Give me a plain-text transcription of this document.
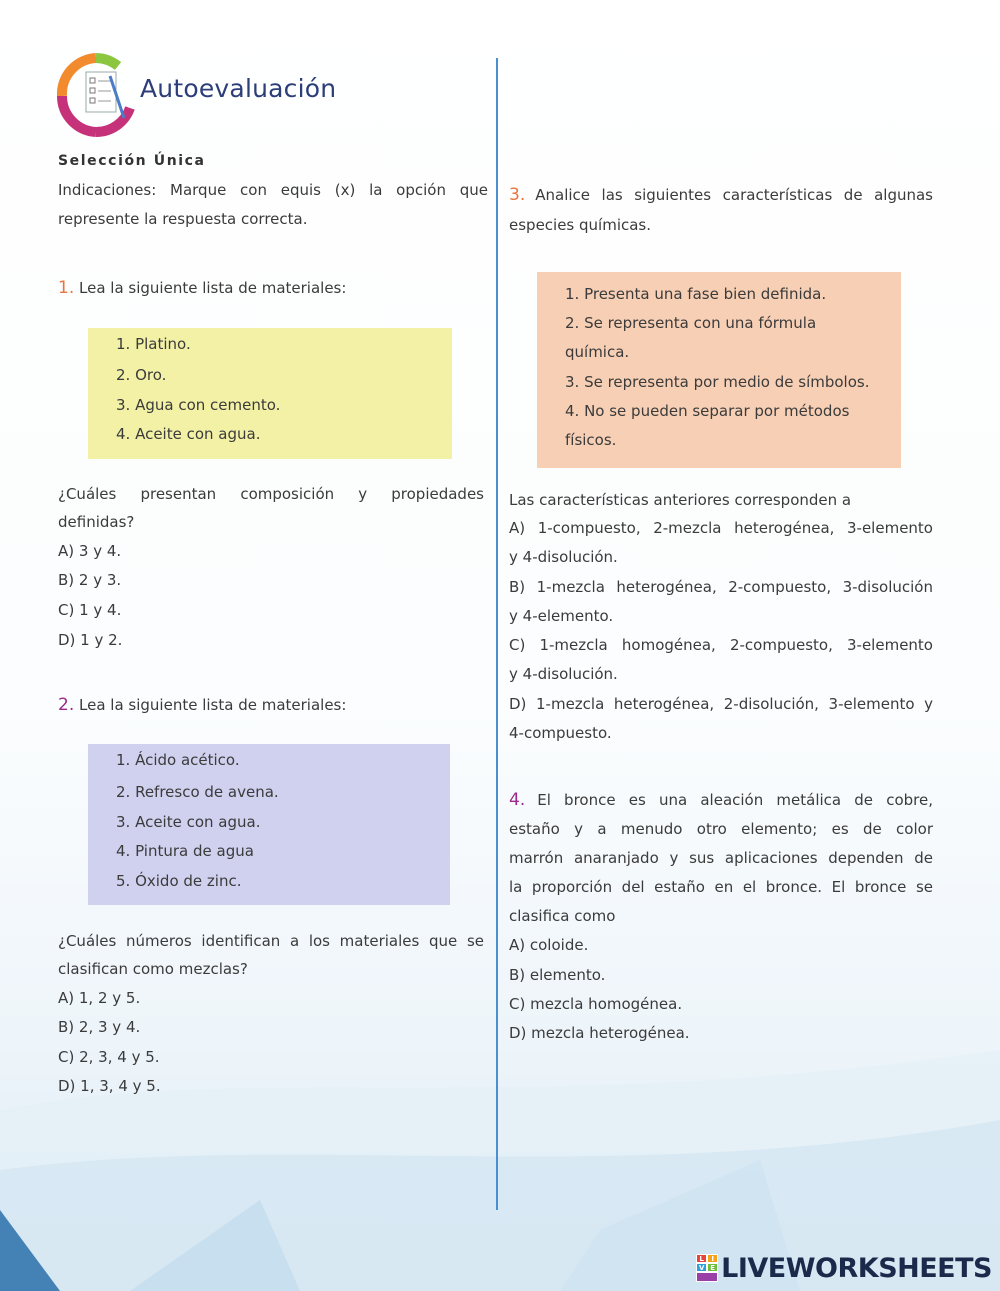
Autoevaluación
Selección Única
Indicaciones: Marque con equis (x) la opción que
represente la respuesta correcta.
1. Lea la siguiente lista de materiales:
1. Platino.
2. Oro.
3. Agua con cemento.
4. Aceite con agua.
¿Cuáles presentan composición y propiedades
definidas?
A) 3 y 4.
B) 2 y 3.
C) 1 y 4.
D) 1 y 2.
2. Lea la siguiente lista de materiales:
1. Ácido acético.
2. Refresco de avena.
3. Aceite con agua.
4. Pintura de agua
5. Óxido de zinc.
¿Cuáles números identifican a los materiales que se
clasifican como mezclas?
A) 1, 2 y 5.
B) 2, 3 y 4.
C) 2, 3, 4 y 5.
D) 1, 3, 4 y 5.
3. Analice las siguientes características de algunas
especies químicas.
1. Presenta una fase bien definida.
2. Se representa con una fórmula
química.
3. Se representa por medio de símbolos.
4. No se pueden separar por métodos
físicos.
Las características anteriores corresponden a
A) 1-compuesto, 2-mezcla heterogénea, 3-elemento
y 4-disolución.
B) 1-mezcla heterogénea, 2-compuesto, 3-disolución
y 4-elemento.
C) 1-mezcla homogénea, 2-compuesto, 3-elemento
y 4-disolución.
D) 1-mezcla heterogénea, 2-disolución, 3-elemento y
4-compuesto.
4. El bronce es una aleación metálica de cobre,
estaño y a menudo otro elemento; es de color
marrón anaranjado y sus aplicaciones dependen de
la proporción del estaño en el bronce. El bronce se
clasifica como
A) coloide.
B) elemento.
C) mezcla homogénea.
D) mezcla heterogénea.
L	I
V E LIVEWORKSHEETS
